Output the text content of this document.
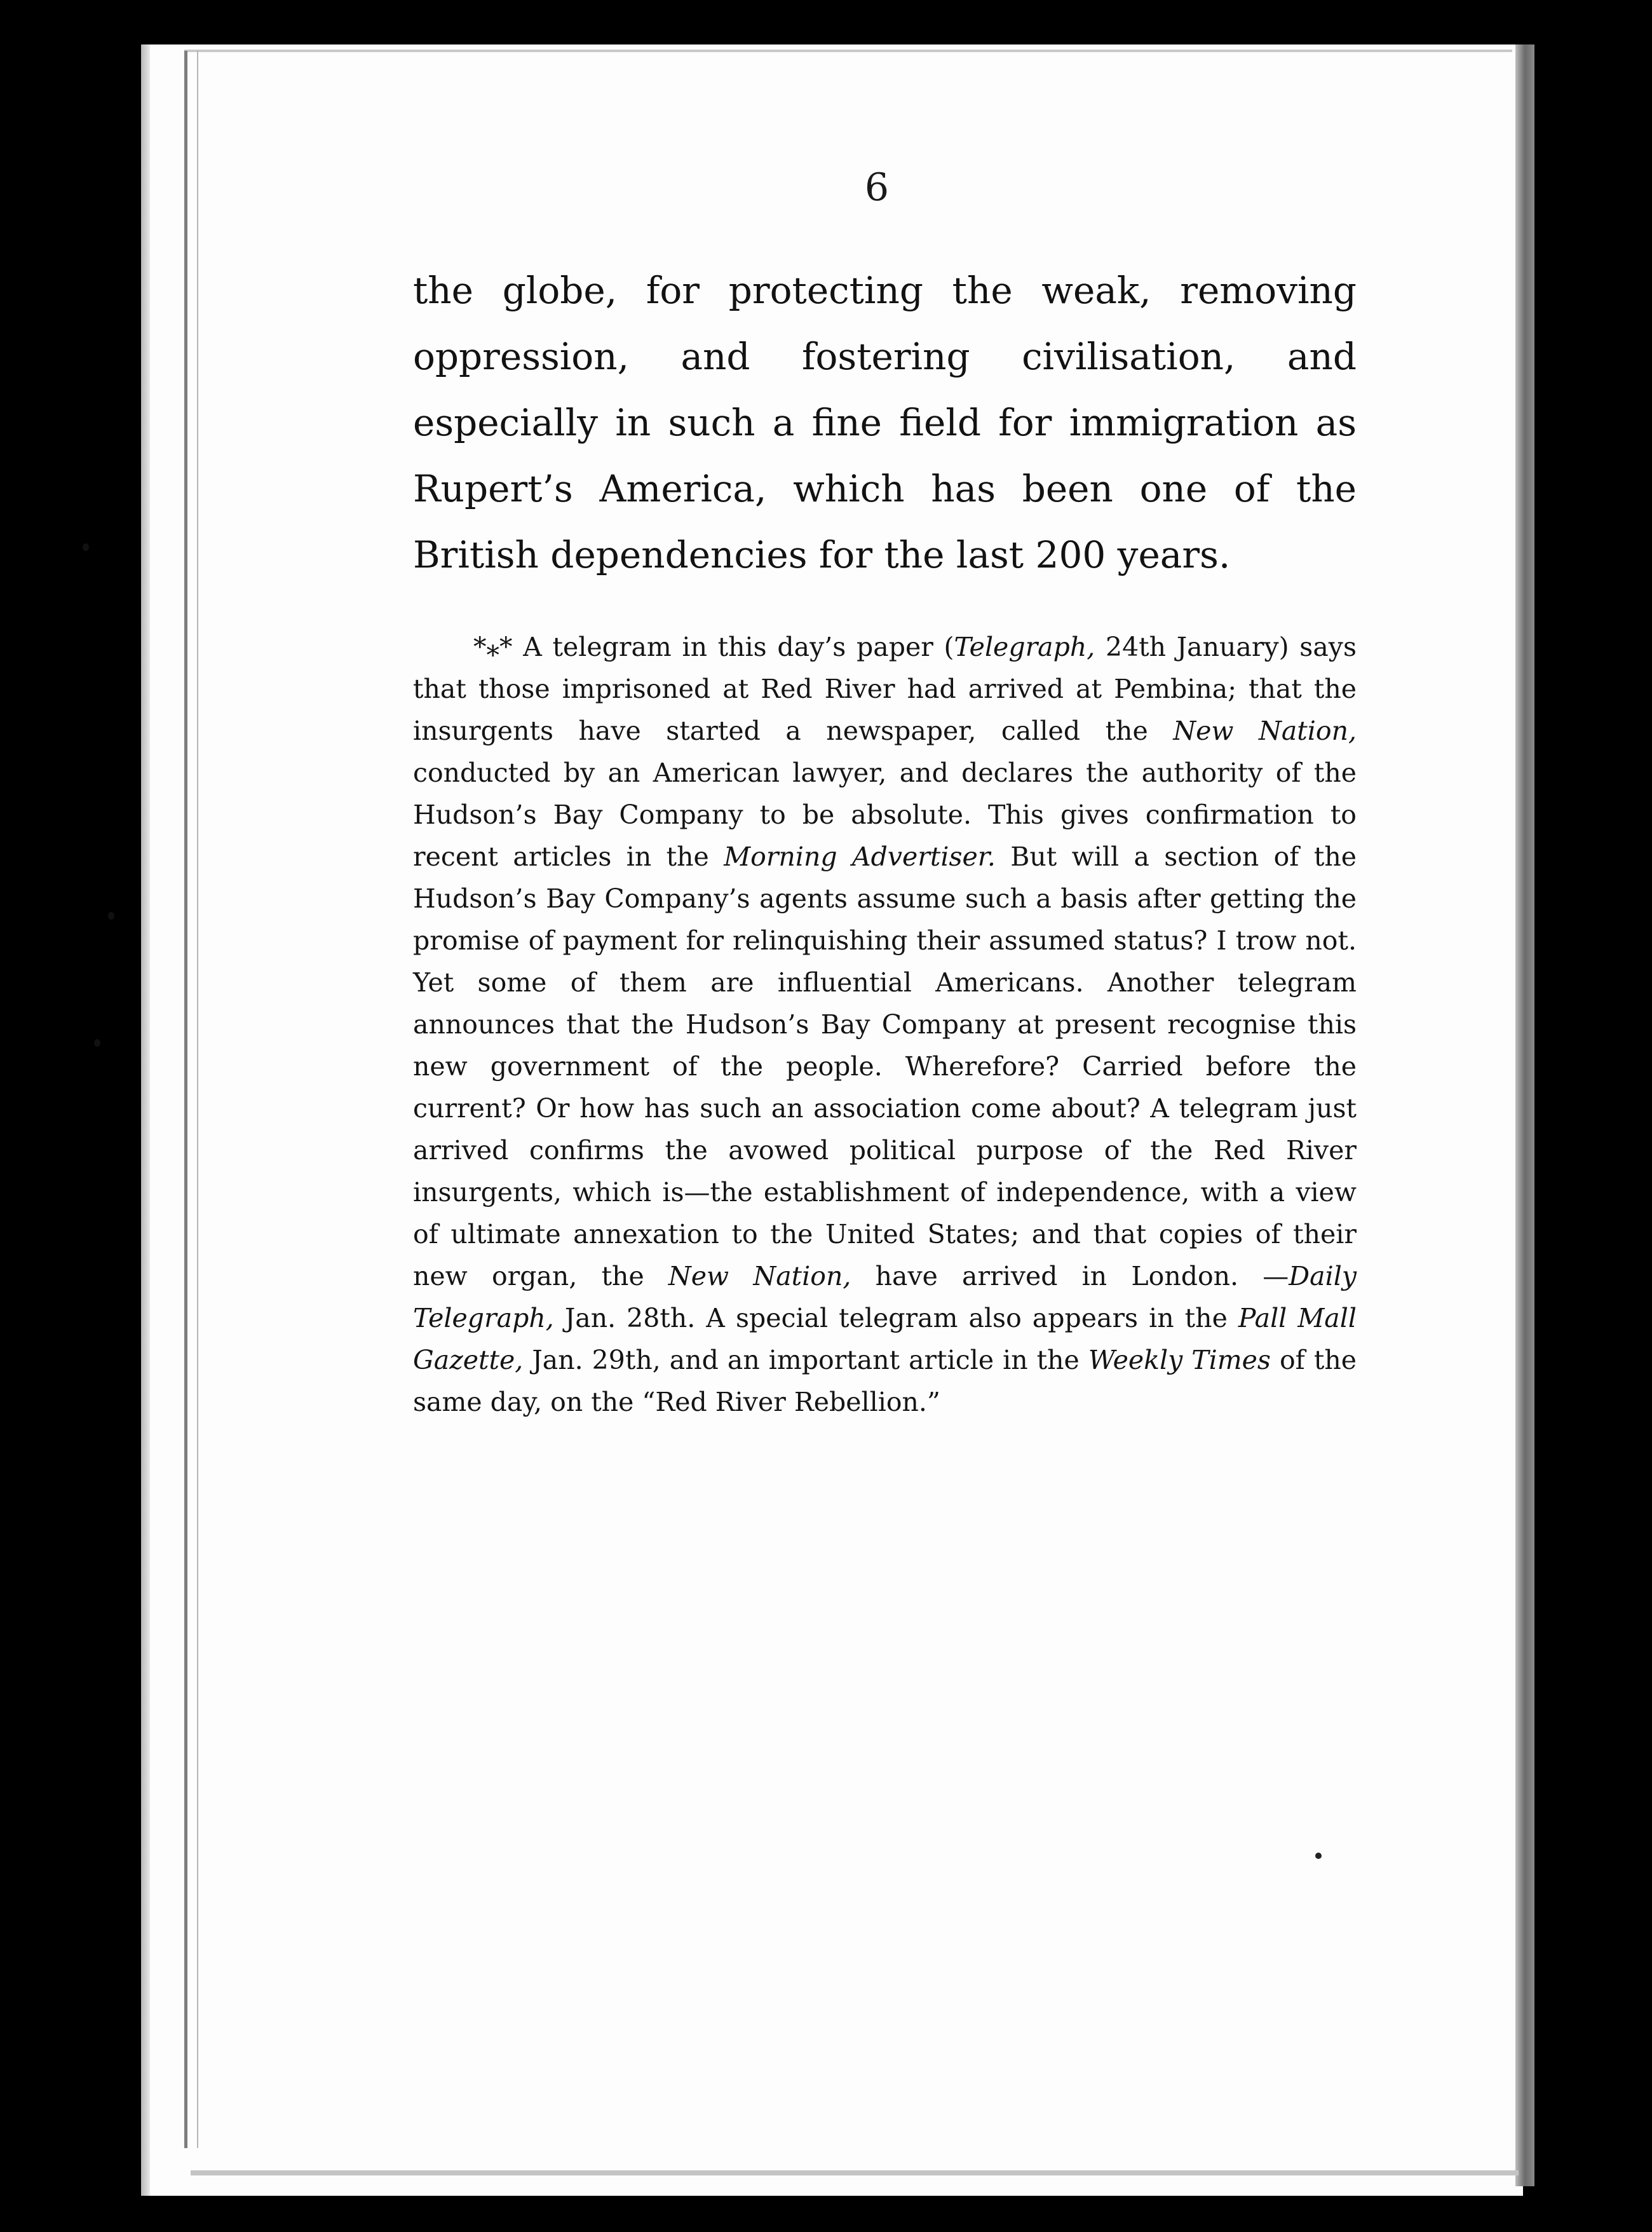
6

the globe, for protecting the weak, removing oppression, and fostering civilisation, and especially in such a fine field for immigration as Rupert’s America, which has been one of the British dependencies for the last 200 years.

*⁎* A telegram in this day’s paper (Telegraph, 24th January) says that those imprisoned at Red River had arrived at Pembina; that the insurgents have started a newspaper, called the New Nation, conducted by an American lawyer, and declares the authority of the Hudson’s Bay Company to be absolute. This gives confirmation to recent articles in the Morning Advertiser. But will a section of the Hudson’s Bay Company’s agents assume such a basis after getting the promise of payment for relinquishing their assumed status? I trow not. Yet some of them are influential Americans. Another telegram announces that the Hudson’s Bay Company at present recognise this new government of the people. Wherefore? Carried before the current? Or how has such an association come about? A telegram just arrived confirms the avowed political purpose of the Red River insurgents, which is—the establishment of independence, with a view of ultimate annexation to the United States; and that copies of their new organ, the New Nation, have arrived in London. —Daily Telegraph, Jan. 28th. A special telegram also appears in the Pall Mall Gazette, Jan. 29th, and an important article in the Weekly Times of the same day, on the “Red River Rebellion.”
